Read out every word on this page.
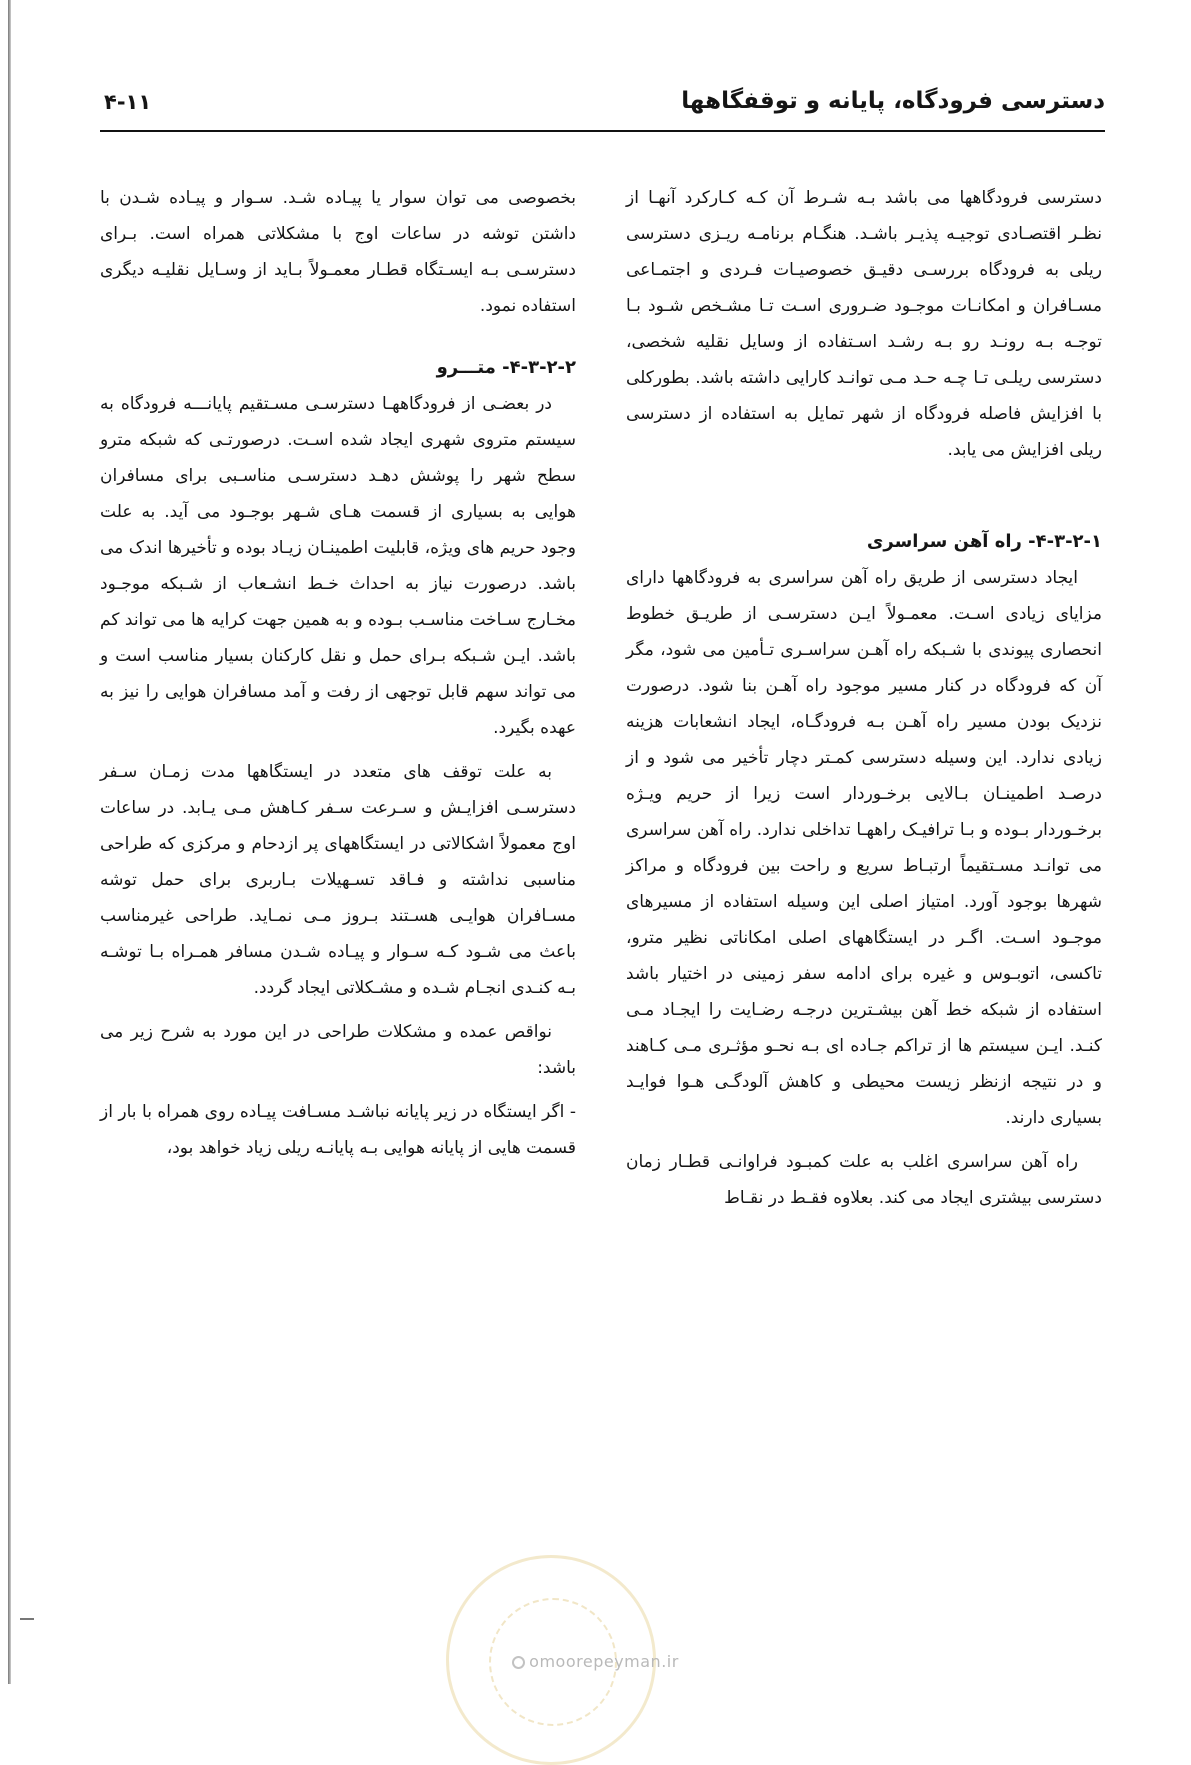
دسترسی فرودگاه، پایانه و توقفگاهها
۴-۱۱

دسترسی فرودگاهها می باشد بـه شـرط آن کـه کـارکرد آنهـا از نظـر اقتصـادی توجیـه پذیـر باشـد. هنگـام برنامـه ریـزی دسترسی ریلی به فرودگاه بررسـی دقیـق خصوصیـات فـردی و اجتمـاعی مسـافران و امکانـات موجـود ضـروری اسـت تـا مشـخص شـود بـا توجـه بـه رونـد رو بـه رشـد اسـتفاده از وسایل نقلیه شخصی، دسترسی ریلـی تـا چـه حـد مـی توانـد کارایی داشته باشد. بطورکلی با افزایش فاصله فرودگاه از شهر تمایل به استفاده از دسترسی ریلی افزایش می یابد.

۴-۳-۲-۱- راه آهن سراسری

ایجاد دسترسی از طریق راه آهن سراسری به فرودگاهها دارای مزایای زیادی اسـت. معمـولاً ایـن دسترسـی از طریـق خطوط انحصاری پیوندی با شـبکه راه آهـن سراسـری تـأمین می شود، مگر آن که فرودگاه در کنار مسیر موجود راه آهـن بنا شود. درصورت نزدیک بودن مسیر راه آهـن بـه فرودگـاه، ایجاد انشعابات هزینه زیادی ندارد. این وسیله دسترسی کمـتر دچار تأخیر می شود و از درصـد اطمینـان بـالایی برخـوردار است زیرا از حریم ویـژه برخـوردار بـوده و بـا ترافیـک راههـا تداخلی ندارد. راه آهن سراسری می توانـد مسـتقیماً ارتبـاط سریع و راحت بین فرودگاه و مراکز شهرها بوجود آورد. امتیاز اصلی این وسیله استفاده از مسیرهای موجـود اسـت. اگـر در ایستگاههای اصلی امکاناتی نظیر مترو، تاکسی، اتوبـوس و غیره برای ادامه سفر زمینی در اختیار باشد استفاده از شبکه خط آهن بیشـترین درجـه رضـایت را ایجـاد مـی کنـد. ایـن سیستم ها از تراکم جـاده ای بـه نحـو مؤثـری مـی کـاهند و در نتیجه ازنظر زیست محیطی و کاهش آلودگـی هـوا فوایـد بسیاری دارند.

راه آهن سراسری اغلب به علت کمبـود فراوانـی قطـار زمان دسترسی بیشتری ایجاد می کند. بعلاوه فقـط در نقـاط

بخصوصی می توان سوار یا پیـاده شـد. سـوار و پیـاده شـدن با داشتن توشه در ساعات اوج با مشکلاتی همراه است. بـرای دسترسـی بـه ایسـتگاه قطـار معمـولاً بـاید از وسـایل نقلیـه دیگری استفاده نمود.

۴-۳-۲-۲- متـــرو

در بعضـی از فرودگاههـا دسترسـی مسـتقیم پایانـــه فرودگاه به سیستم متروی شهری ایجاد شده اسـت. درصورتـی که شبکه مترو سطح شهر را پوشش دهـد دسترسـی مناسـبی برای مسافران هوایی به بسیاری از قسمت هـای شـهر بوجـود می آید. به علت وجود حریم های ویژه، قابلیت اطمینـان زیـاد بوده و تأخیرها اندک می باشد. درصورت نیاز به احداث خـط انشـعاب از شـبکه موجـود مخـارج سـاخت مناسـب بـوده و به همین جهت کرایه ها می تواند کم باشد. ایـن شـبکه بـرای حمل و نقل کارکنان بسیار مناسب است و می تواند سهم قابل توجهی از رفت و آمد مسافران هوایی را نیز به عهده بگیرد.

به علت توقف های متعدد در ایستگاهها مدت زمـان سـفر دسترسـی افزایـش و سـرعت سـفر کـاهش مـی یـابد. در ساعات اوج معمولاً اشکالاتی در ایستگاههای پر ازدحام و مرکزی که طراحی مناسبی نداشته و فـاقد تسـهیلات بـاربری برای حمل توشه مسـافران هوایـی هسـتند بـروز مـی نمـاید. طراحی غیرمناسب باعث می شـود کـه سـوار و پیـاده شـدن مسافر همـراه بـا توشـه بـه کنـدی انجـام شـده و مشـکلاتی ایجاد گردد.

نواقص عمده و مشکلات طراحی در این مورد به شرح زیر می باشد:

- اگر ایستگاه در زیر پایانه نباشـد مسـافت پیـاده روی همراه با بار از قسمت هایی از پایانه هوایی بـه پایانـه ریلی زیاد خواهد بود،

omoorepeyman.ir
